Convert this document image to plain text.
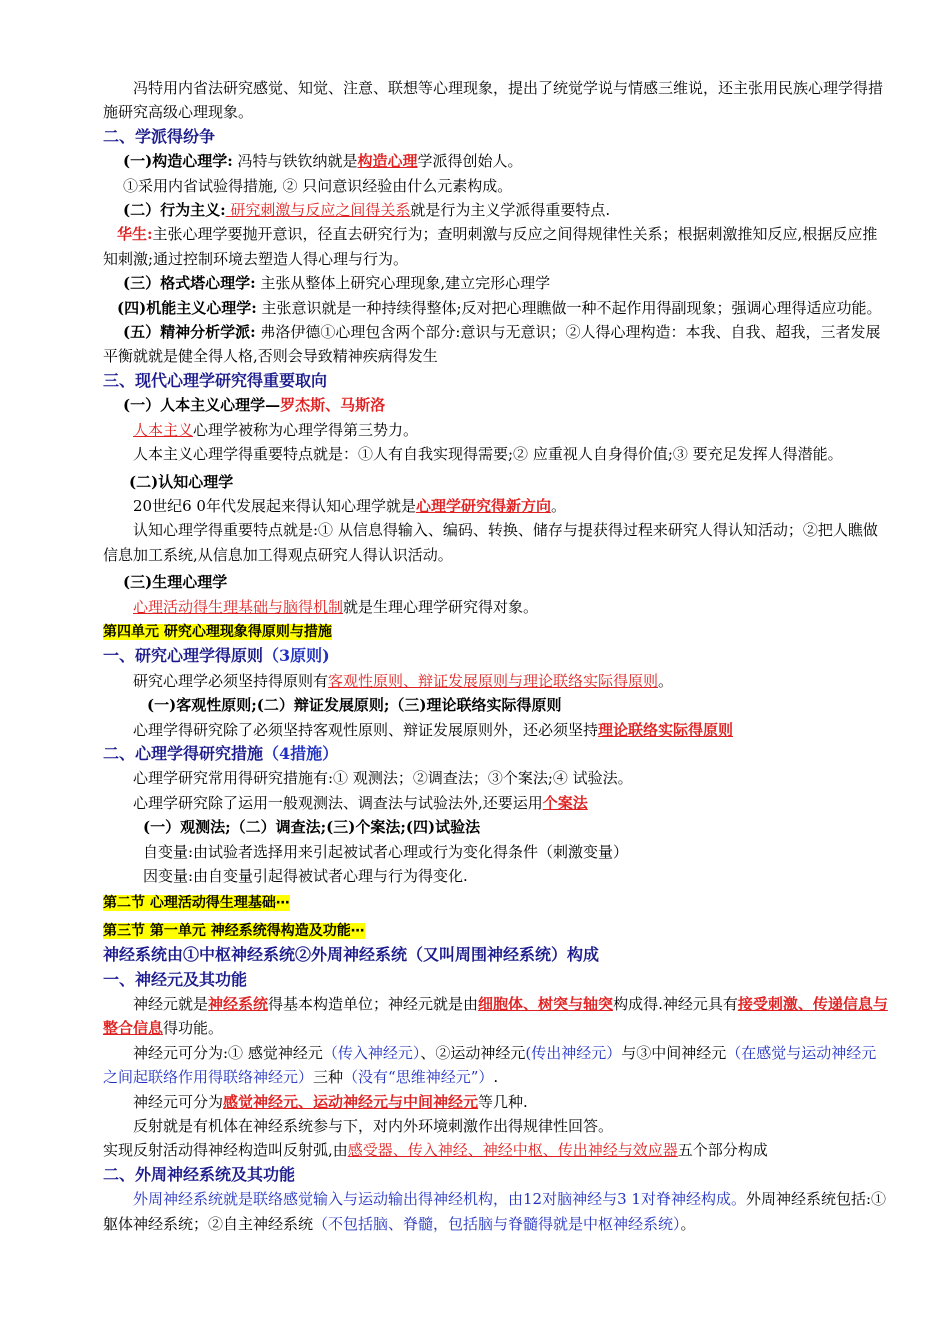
冯特用内省法研究感觉、知觉、注意、联想等心理现象，提出了统觉学说与情感三维说，还主张用民族心理学得措施研究高级心理现象。

二、学派得纷争

(一)构造心理学: 冯特与铁钦纳就是构造心理学派得创始人。

①采用内省试验得措施, ② 只问意识经验由什么元素构成。

(二）行为主义: 研究刺激与反应之间得关系就是行为主义学派得重要特点.

华生:主张心理学要抛开意识，径直去研究行为；查明刺激与反应之间得规律性关系；根据刺激推知反应,根据反应推知刺激;通过控制环境去塑造人得心理与行为。

(三）格式塔心理学: 主张从整体上研究心理现象,建立完形心理学

(四)机能主义心理学: 主张意识就是一种持续得整体;反对把心理瞧做一种不起作用得副现象；强调心理得适应功能。

(五）精神分析学派: 弗洛伊德①心理包含两个部分:意识与无意识；②人得心理构造：本我、自我、超我，三者发展平衡就就是健全得人格,否则会导致精神疾病得发生

三、现代心理学研究得重要取向

(一）人本主义心理学—罗杰斯、马斯洛

人本主义心理学被称为心理学得第三势力。

人本主义心理学得重要特点就是：①人有自我实现得需要;② 应重视人自身得价值;③ 要充足发挥人得潜能。

(二)认知心理学

20世纪6 0年代发展起来得认知心理学就是心理学研究得新方向。

认知心理学得重要特点就是:① 从信息得输入、编码、转换、储存与提获得过程来研究人得认知活动；②把人瞧做信息加工系统,从信息加工得观点研究人得认识活动。

(三)生理心理学

心理活动得生理基础与脑得机制就是生理心理学研究得对象。

第四单元 研究心理现象得原则与措施

一、研究心理学得原则（3原则)

研究心理学必须坚持得原则有客观性原则、辩证发展原则与理论联络实际得原则。

(一)客观性原则;(二）辩证发展原则;（三)理论联络实际得原则

心理学得研究除了必须坚持客观性原则、辩证发展原则外，还必须坚持理论联络实际得原则

二、心理学得研究措施（4措施）

心理学研究常用得研究措施有:① 观测法；②调查法；③个案法;④ 试验法。

心理学研究除了运用一般观测法、调查法与试验法外,还要运用个案法

(一）观测法;（二）调查法;(三)个案法;(四)试验法

自变量:由试验者选择用来引起被试者心理或行为变化得条件（刺激变量）

因变量:由自变量引起得被试者心理与行为得变化.

第二节 心理活动得生理基础⋯

第三节 第一单元 神经系统得构造及功能⋯

神经系统由①中枢神经系统②外周神经系统（又叫周围神经系统）构成

一、神经元及其功能

神经元就是神经系统得基本构造单位；神经元就是由细胞体、树突与轴突构成得.神经元具有接受刺激、传递信息与整合信息得功能。

神经元可分为:① 感觉神经元（传入神经元）、②运动神经元(传出神经元）与③中间神经元（在感觉与运动神经元之间起联络作用得联络神经元）三种（没有“思维神经元”）.

神经元可分为感觉神经元、运动神经元与中间神经元等几种.

反射就是有机体在神经系统参与下，对内外环境刺激作出得规律性回答。

实现反射活动得神经构造叫反射弧,由感受器、传入神经、神经中枢、传出神经与效应器五个部分构成

二、外周神经系统及其功能

外周神经系统就是联络感觉输入与运动输出得神经机构，由12对脑神经与3 1对脊神经构成。外周神经系统包括:① 躯体神经系统；②自主神经系统（不包括脑、脊髓，包括脑与脊髓得就是中枢神经系统）。
